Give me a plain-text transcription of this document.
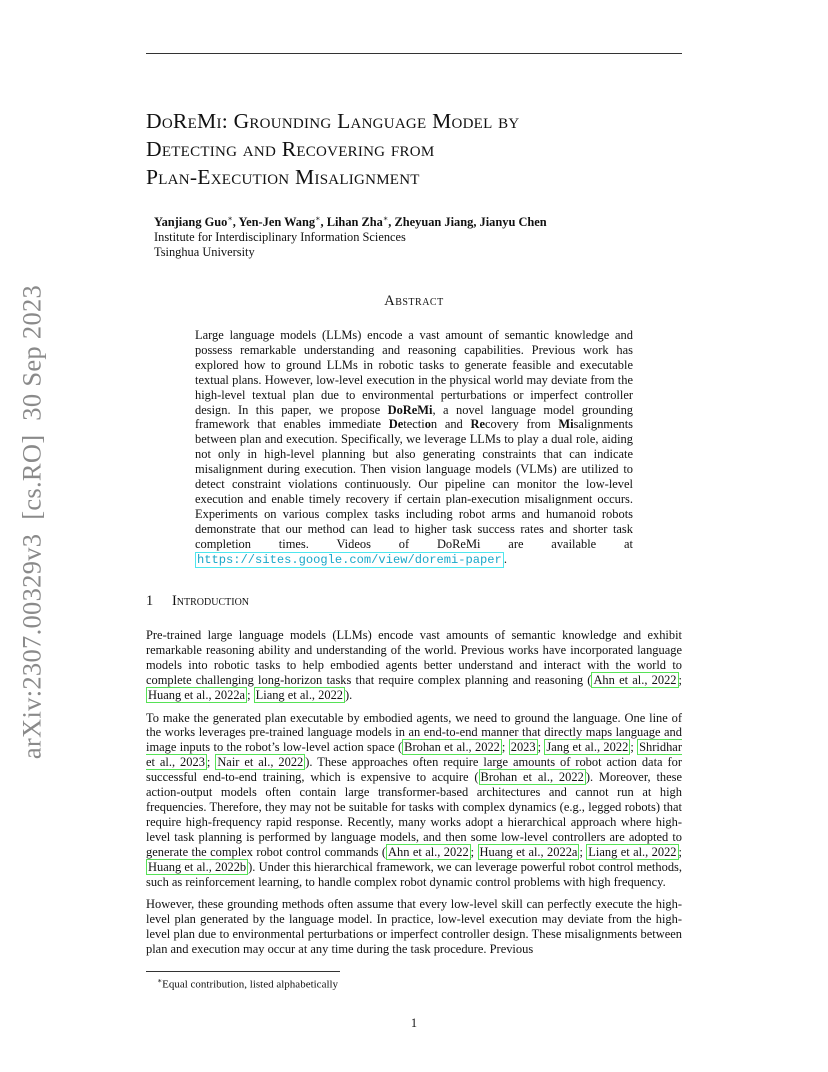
DoReMi: Grounding Language Model by
Detecting and Recovering from
Plan-Execution Misalignment
Yanjiang Guo∗, Yen-Jen Wang∗, Lihan Zha∗, Zheyuan Jiang, Jianyu Chen
Institute for Interdisciplinary Information Sciences
Tsinghua University
arXiv:2307.00329v3  [cs.RO]  30 Sep 2023	Abstract

Large language models (LLMs) encode a vast amount of semantic knowledge and possess remarkable understanding and reasoning capabilities. Previous work has explored how to ground LLMs in robotic tasks to generate feasible and executable textual plans. However, low-level execution in the physical world may deviate from the high-level textual plan due to environmental perturbations or imperfect controller design. In this paper, we propose DoReMi, a novel language model grounding framework that enables immediate Detection and Recovery from Misalignments between plan and execution. Specifically, we leverage LLMs to play a dual role, aiding not only in high-level planning but also generating constraints that can indicate misalignment during execution. Then vision language models (VLMs) are utilized to detect constraint violations continuously. Our pipeline can monitor the low-level execution and enable timely recovery if certain plan-execution misalignment occurs. Experiments on various complex tasks including robot arms and humanoid robots demonstrate that our method can lead to higher task success rates and shorter task completion times. Videos of DoReMi are available at https://sites.google.com/view/doremi-paper .

1 Introduction

Pre-trained large language models (LLMs) encode vast amounts of semantic knowledge and exhibit remarkable reasoning ability and understanding of the world. Previous works have incorporated language models into robotic tasks to help embodied agents better understand and interact with the world to complete challenging long-horizon tasks that require complex planning and reasoning ( Ahn et al., 2022 ; Huang et al., 2022a ; Liang et al., 2022 ).

To make the generated plan executable by embodied agents, we need to ground the language. One line of the works leverages pre-trained language models in an end-to-end manner that directly maps language and image inputs to the robot’s low-level action space ( Brohan et al., 2022 ; 2023 ; Jang et al., 2022 ; Shridhar et al., 2023 ; Nair et al., 2022 ). These approaches often require large amounts of robot action data for successful end-to-end training, which is expensive to acquire ( Brohan et al., 2022 ). Moreover, these action-output models often contain large transformer-based architectures and cannot run at high frequencies. Therefore, they may not be suitable for tasks with complex dynamics (e.g., legged robots) that require high-frequency rapid response. Recently, many works adopt a hierarchical approach where high-level task planning is performed by language models, and then some low-level controllers are adopted to generate the complex robot control commands ( Ahn et al., 2022 ; Huang et al., 2022a ; Liang et al., 2022 ; Huang et al., 2022b ). Under this hierarchical framework, we can leverage powerful robot control methods, such as reinforcement learning, to handle complex robot dynamic control problems with high frequency.

However, these grounding methods often assume that every low-level skill can perfectly execute the high-level plan generated by the language model. In practice, low-level execution may deviate from the high-level plan due to environmental perturbations or imperfect controller design. These misalignments between plan and execution may occur at any time during the task procedure. Previous

∗Equal contribution, listed alphabetically
1
